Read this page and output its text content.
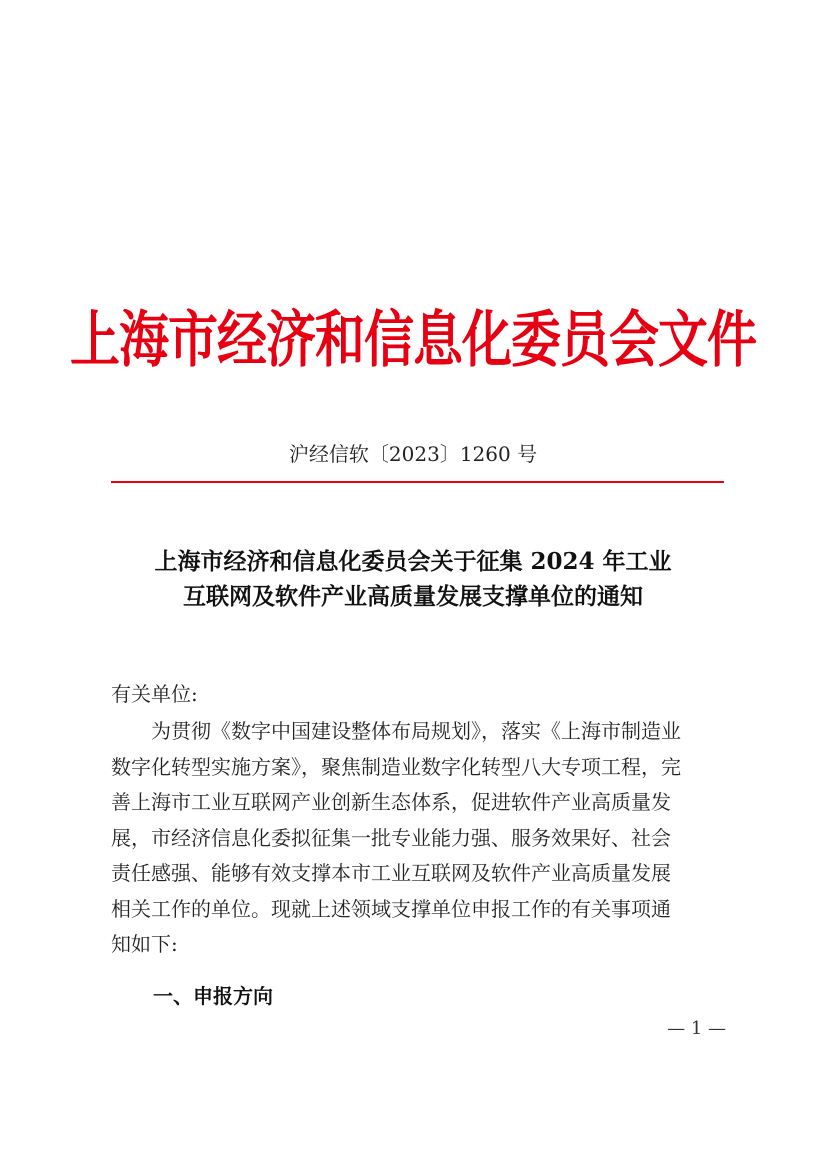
上海市经济和信息化委员会文件
沪经信软〔2023〕1260 号
上海市经济和信息化委员会关于征集 2024 年工业
互联网及软件产业高质量发展支撑单位的通知
有关单位:
为贯彻《数字中国建设整体布局规划》，落实《上海市制造业
数字化转型实施方案》，聚焦制造业数字化转型八大专项工程，完
善上海市工业互联网产业创新生态体系，促进软件产业高质量发
展，市经济信息化委拟征集一批专业能力强、服务效果好、社会
责任感强、能够有效支撑本市工业互联网及软件产业高质量发展
相关工作的单位。现就上述领域支撑单位申报工作的有关事项通
知如下:
一、申报方向
— 1 —
